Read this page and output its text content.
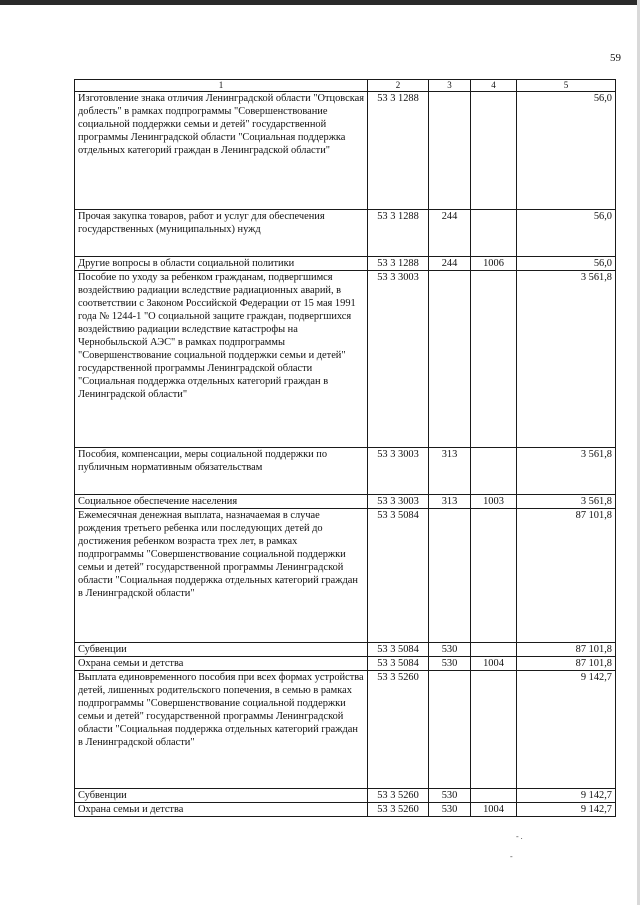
59
1	2	3	4	5
Изготовление знака отличия Ленинградской области "Отцовская доблесть" в рамках подпрограммы "Совершенствование социальной поддержки семьи и детей" государственной программы Ленинградской области "Социальная поддержка отдельных категорий граждан в Ленинградской области"	53 3 1288			56,0
Прочая закупка товаров, работ и услуг для обеспечения государственных (муниципальных) нужд	53 3 1288	244		56,0
Другие вопросы в области социальной политики	53 3 1288	244	1006	56,0
Пособие по уходу за ребенком гражданам, подвергшимся воздействию радиации вследствие радиационных аварий, в соответствии с Законом Российской Федерации от 15 мая 1991 года № 1244-1 "О социальной защите граждан, подвергшихся воздействию радиации вследствие катастрофы на Чернобыльской АЭС" в рамках подпрограммы "Совершенствование социальной поддержки семьи и детей" государственной программы Ленинградской области "Социальная поддержка отдельных категорий граждан в Ленинградской области"	53 3 3003			3 561,8
Пособия, компенсации, меры социальной поддержки по публичным нормативным обязательствам	53 3 3003	313		3 561,8
Социальное обеспечение населения	53 3 3003	313	1003	3 561,8
Ежемесячная денежная выплата, назначаемая в случае рождения третьего ребенка или последующих детей до достижения ребенком возраста трех лет, в рамках подпрограммы "Совершенствование социальной поддержки семьи и детей" государственной программы Ленинградской области "Социальная поддержка отдельных категорий граждан в Ленинградской области"	53 3 5084			87 101,8
Субвенции	53 3 5084	530		87 101,8
Охрана семьи и детства	53 3 5084	530	1004	87 101,8
Выплата единовременного пособия при всех формах устройства детей, лишенных родительского попечения, в семью в рамках подпрограммы "Совершенствование социальной поддержки семьи и детей" государственной программы Ленинградской области "Социальная поддержка отдельных категорий граждан в Ленинградской области"	53 3 5260			9 142,7
Субвенции	53 3 5260	530		9 142,7
Охрана семьи и детства	53 3 5260	530	1004	9 142,7
- .
-
